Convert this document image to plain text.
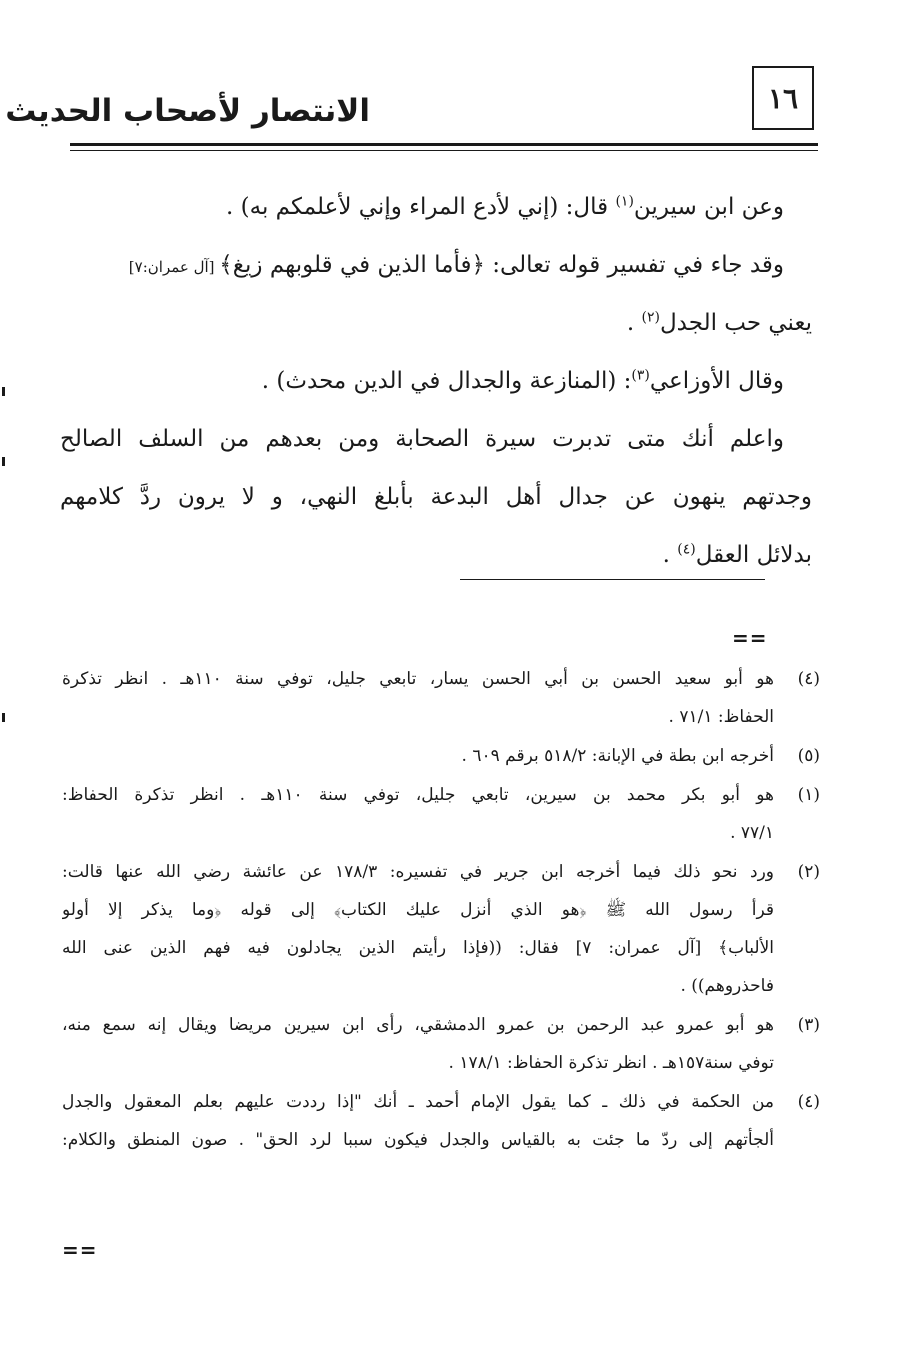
١٦
الانتصار لأصحاب الحديث
وعن ابن سيرين$^{(١)}$ قال: (إني لأدع المراء وإني لأعلمكم به) .
وقد جاء في تفسير قوله تعالى: ﴿فأما الذين في قلوبهم زيغ﴾ [آل عمران:٧]
يعني حب الجدل$^{(٢)}$ .
وقال الأوزاعي$^{(٣)}$: (المنازعة والجدال في الدين محدث) .
واعلم أنك متى تدبرت سيرة الصحابة ومن بعدهم من السلف الصالح
وجدتهم ينهون عن جدال أهل البدعة بأبلغ النهي، و لا يرون ردَّ كلامهم
بدلائل العقل$^{(٤)}$ .
==
(٤)
هو أبو سعيد الحسن بن أبي الحسن يسار، تابعي جليل، توفي سنة ١١٠هـ . انظر تذكرة
الحفاظ: ٧١/١ .
(٥)
أخرجه ابن بطة في الإبانة: ٥١٨/٢ برقم ٦٠٩ .
(١)
هو أبو بكر محمد بن سيرين، تابعي جليل، توفي سنة ١١٠هـ . انظر تذكرة الحفاظ:
٧٧/١ .
(٢)
ورد نحو ذلك فيما أخرجه ابن جرير في تفسيره: ١٧٨/٣ عن عائشة رضي الله عنها قالت:
قرأ رسول الله ﷺ ﴿هو الذي أنزل عليك الكتاب﴾ إلى قوله ﴿وما يذكر إلا أولو
الألباب﴾ [آل عمران: ٧] فقال: ((فإذا رأيتم الذين يجادلون فيه فهم الذين عنى الله
فاحذروهم)) .
(٣)
هو أبو عمرو عبد الرحمن بن عمرو الدمشقي، رأى ابن سيرين مريضا ويقال إنه سمع منه،
توفي سنة١٥٧هـ . انظر تذكرة الحفاظ: ١٧٨/١ .
(٤)
من الحكمة في ذلك ـ كما يقول الإمام أحمد ـ أنك "إذا رددت عليهم بعلم المعقول والجدل
ألجأتهم إلى ردّ ما جئت به بالقياس والجدل فيكون سببا لرد الحق" . صون المنطق والكلام:
==
